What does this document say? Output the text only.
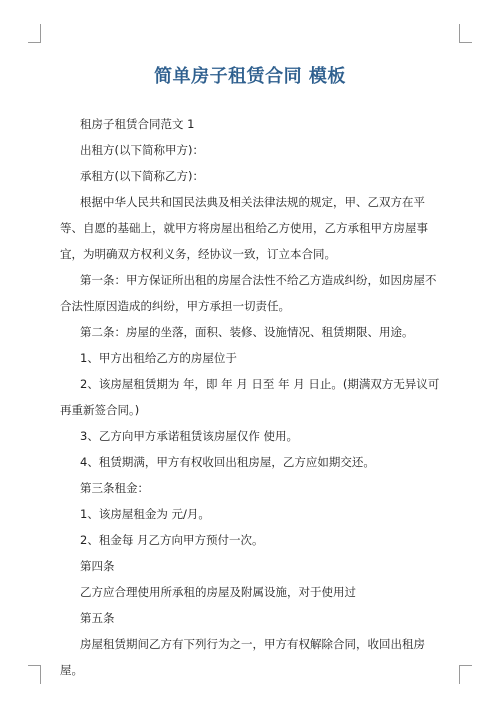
简单房子租赁合同 模板

租房子租赁合同范文 1

出租方(以下简称甲方)：

承租方(以下简称乙方)：

根据中华人民共和国民法典及相关法律法规的规定，甲、乙双方在平等、自愿的基础上，就甲方将房屋出租给乙方使用，乙方承租甲方房屋事宜，为明确双方权利义务，经协议一致，订立本合同。

第一条：甲方保证所出租的房屋合法性不给乙方造成纠纷，如因房屋不合法性原因造成的纠纷，甲方承担一切责任。

第二条：房屋的坐落，面积、装修、设施情况、租赁期限、用途。

1、甲方出租给乙方的房屋位于

2、该房屋租赁期为 年，即 年 月 日至 年 月 日止。(期满双方无异议可再重新签合同。)

3、乙方向甲方承诺租赁该房屋仅作 使用。

4、租赁期满，甲方有权收回出租房屋，乙方应如期交还。

第三条租金：

1、该房屋租金为 元/月。

2、租金每 月乙方向甲方预付一次。

第四条

乙方应合理使用所承租的房屋及附属设施，对于使用过

第五条

房屋租赁期间乙方有下列行为之一，甲方有权解除合同，收回出租房屋。
